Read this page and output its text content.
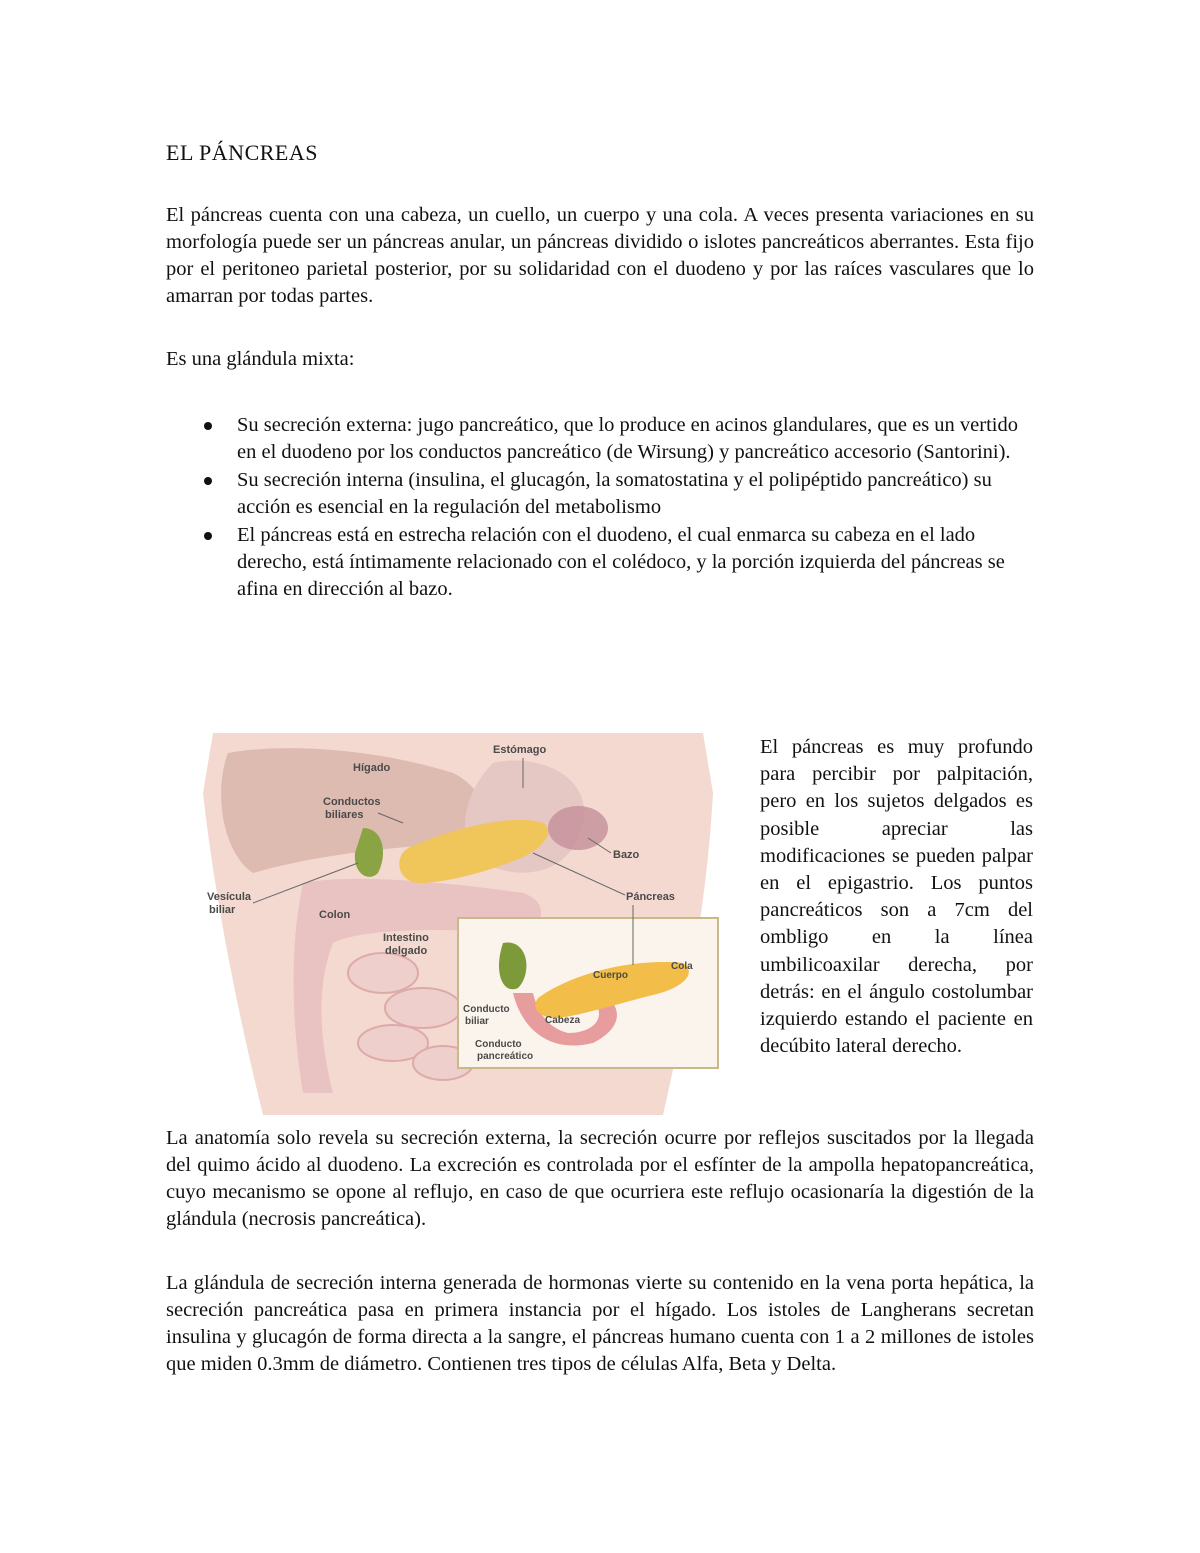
EL PÁNCREAS

El páncreas cuenta con una cabeza, un cuello, un cuerpo y una cola. A veces presenta variaciones en su morfología puede ser un páncreas anular, un páncreas dividido o islotes pancreáticos aberrantes. Esta fijo por el peritoneo parietal posterior, por su solidaridad con el duodeno y por las raíces vasculares que lo amarran por todas partes.

Es una glándula mixta:
Su secreción externa: jugo pancreático, que lo produce en acinos glandulares, que es un vertido en el duodeno por los conductos pancreático (de Wirsung) y pancreático accesorio (Santorini).
Su secreción interna (insulina, el glucagón, la somatostatina y el polipéptido pancreático) su acción es esencial en la regulación del metabolismo
El páncreas está en estrecha relación con el duodeno, el cual enmarca su cabeza en el lado derecho, está íntimamente relacionado con el colédoco, y la porción izquierda del páncreas se afina en dirección al bazo.
Hígado
Estómago
Conductos
biliares
Bazo
Vesícula
biliar
Páncreas
Colon
Intestino
delgado
Cuerpo
Cola
Conducto
biliar	Cabeza
Conducto
pancreático

El páncreas es muy profundo para percibir por palpitación, pero en los sujetos delgados es posible apreciar las modificaciones se pueden palpar en el epigastrio. Los puntos pancreáticos son a 7cm del ombligo en la línea umbilicoaxilar derecha, por detrás: en el ángulo costolumbar izquierdo estando el paciente en decúbito lateral derecho.

La anatomía solo revela su secreción externa, la secreción ocurre por reflejos suscitados por la llegada del quimo ácido al duodeno. La excreción es controlada por el esfínter de la ampolla hepatopancreática, cuyo mecanismo se opone al reflujo, en caso de que ocurriera este reflujo ocasionaría la digestión de la glándula (necrosis pancreática).

La glándula de secreción interna generada de hormonas vierte su contenido en la vena porta hepática, la secreción pancreática pasa en primera instancia por el hígado. Los istoles de Langherans secretan insulina y glucagón de forma directa a la sangre, el páncreas humano cuenta con 1 a 2 millones de istoles que miden 0.3mm de diámetro. Contienen tres tipos de células Alfa, Beta y Delta.
